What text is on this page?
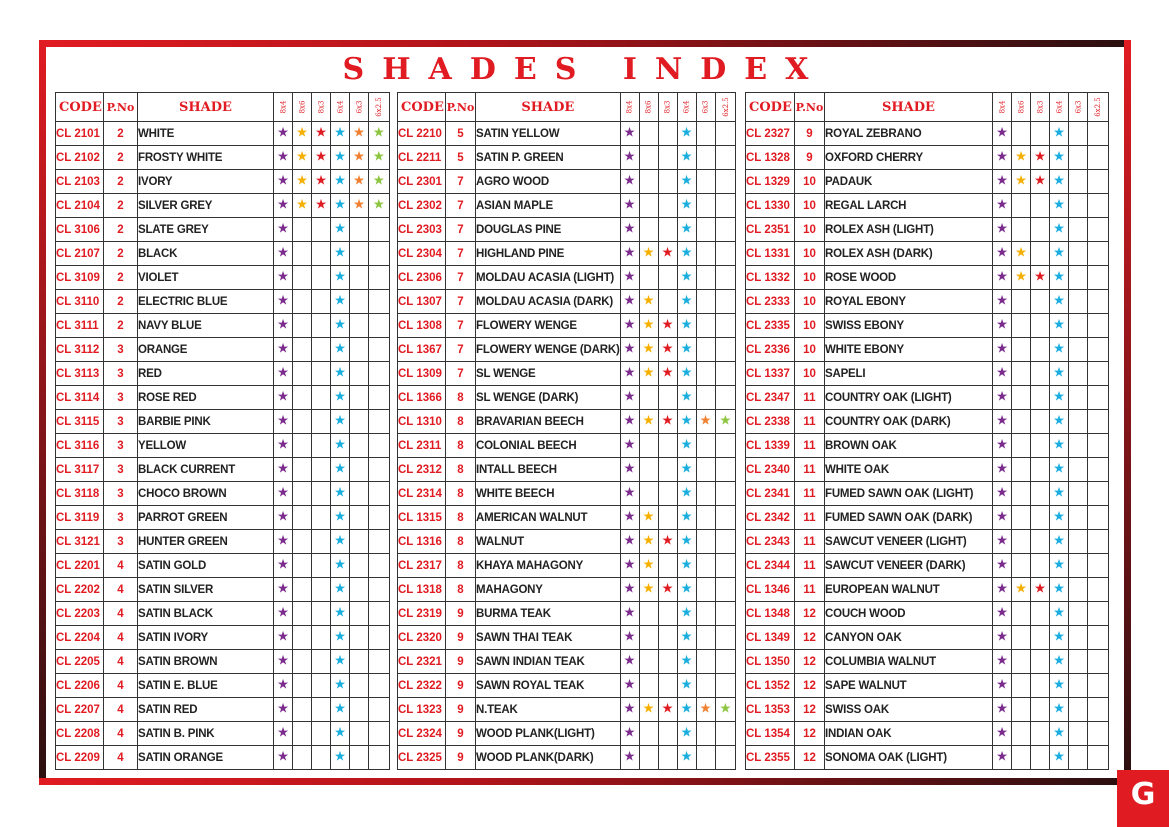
SHADES INDEX
CODE	P.No	SHADE	8x4	8x6	8x3	6x4	6x3	6x2.5
CL 2101	2	WHITE	★	★	★	★	★	★
CL 2102	2	FROSTY WHITE	★	★	★	★	★	★
CL 2103	2	IVORY	★	★	★	★	★	★
CL 2104	2	SILVER GREY	★	★	★	★	★	★
CL 3106	2	SLATE GREY	★			★		
CL 2107	2	BLACK	★			★		
CL 3109	2	VIOLET	★			★		
CL 3110	2	ELECTRIC BLUE	★			★		
CL 3111	2	NAVY BLUE	★			★		
CL 3112	3	ORANGE	★			★		
CL 3113	3	RED	★			★		
CL 3114	3	ROSE RED	★			★		
CL 3115	3	BARBIE PINK	★			★		
CL 3116	3	YELLOW	★			★		
CL 3117	3	BLACK CURRENT	★			★		
CL 3118	3	CHOCO BROWN	★			★		
CL 3119	3	PARROT GREEN	★			★		
CL 3121	3	HUNTER GREEN	★			★		
CL 2201	4	SATIN GOLD	★			★		
CL 2202	4	SATIN SILVER	★			★		
CL 2203	4	SATIN BLACK	★			★		
CL 2204	4	SATIN IVORY	★			★		
CL 2205	4	SATIN BROWN	★			★		
CL 2206	4	SATIN E. BLUE	★			★		
CL 2207	4	SATIN RED	★			★		
CL 2208	4	SATIN B. PINK	★			★		
CL 2209	4	SATIN ORANGE	★			★		
CODE	P.No	SHADE	8x4	8x6	8x3	6x4	6x3	6x2.5
CL 2210	5	SATIN YELLOW	★			★		
CL 2211	5	SATIN P. GREEN	★			★		
CL 2301	7	AGRO WOOD	★			★		
CL 2302	7	ASIAN MAPLE	★			★		
CL 2303	7	DOUGLAS PINE	★			★		
CL 2304	7	HIGHLAND PINE	★	★	★	★		
CL 2306	7	MOLDAU ACASIA (LIGHT)	★			★		
CL 1307	7	MOLDAU ACASIA (DARK)	★	★		★		
CL 1308	7	FLOWERY WENGE	★	★	★	★		
CL 1367	7	FLOWERY WENGE (DARK)	★	★	★	★		
CL 1309	7	SL WENGE	★	★	★	★		
CL 1366	8	SL WENGE (DARK)	★			★		
CL 1310	8	BRAVARIAN BEECH	★	★	★	★	★	★
CL 2311	8	COLONIAL BEECH	★			★		
CL 2312	8	INTALL BEECH	★			★		
CL 2314	8	WHITE BEECH	★			★		
CL 1315	8	AMERICAN WALNUT	★	★		★		
CL 1316	8	WALNUT	★	★	★	★		
CL 2317	8	KHAYA MAHAGONY	★	★		★		
CL 1318	8	MAHAGONY	★	★	★	★		
CL 2319	9	BURMA TEAK	★			★		
CL 2320	9	SAWN THAI TEAK	★			★		
CL 2321	9	SAWN INDIAN TEAK	★			★		
CL 2322	9	SAWN ROYAL TEAK	★			★		
CL 1323	9	N.TEAK	★	★	★	★	★	★
CL 2324	9	WOOD PLANK(LIGHT)	★			★		
CL 2325	9	WOOD PLANK(DARK)	★			★		
CODE	P.No	SHADE	8x4	8x6	8x3	6x4	6x3	6x2.5
CL 2327	9	ROYAL ZEBRANO	★			★		
CL 1328	9	OXFORD CHERRY	★	★	★	★		
CL 1329	10	PADAUK	★	★	★	★		
CL 1330	10	REGAL LARCH	★			★		
CL 2351	10	ROLEX ASH (LIGHT)	★			★		
CL 1331	10	ROLEX ASH (DARK)	★	★		★		
CL 1332	10	ROSE WOOD	★	★	★	★		
CL 2333	10	ROYAL EBONY	★			★		
CL 2335	10	SWISS EBONY	★			★		
CL 2336	10	WHITE EBONY	★			★		
CL 1337	10	SAPELI	★			★		
CL 2347	11	COUNTRY OAK (LIGHT)	★			★		
CL 2338	11	COUNTRY OAK (DARK)	★			★		
CL 1339	11	BROWN OAK	★			★		
CL 2340	11	WHITE OAK	★			★		
CL 2341	11	FUMED SAWN OAK (LIGHT)	★			★		
CL 2342	11	FUMED SAWN OAK (DARK)	★			★		
CL 2343	11	SAWCUT VENEER (LIGHT)	★			★		
CL 2344	11	SAWCUT VENEER (DARK)	★			★		
CL 1346	11	EUROPEAN WALNUT	★	★	★	★		
CL 1348	12	COUCH WOOD	★			★		
CL 1349	12	CANYON OAK	★			★		
CL 1350	12	COLUMBIA WALNUT	★			★		
CL 1352	12	SAPE WALNUT	★			★		
CL 1353	12	SWISS OAK	★			★		
CL 1354	12	INDIAN OAK	★			★		
CL 2355	12	SONOMA OAK (LIGHT)	★			★		
G
